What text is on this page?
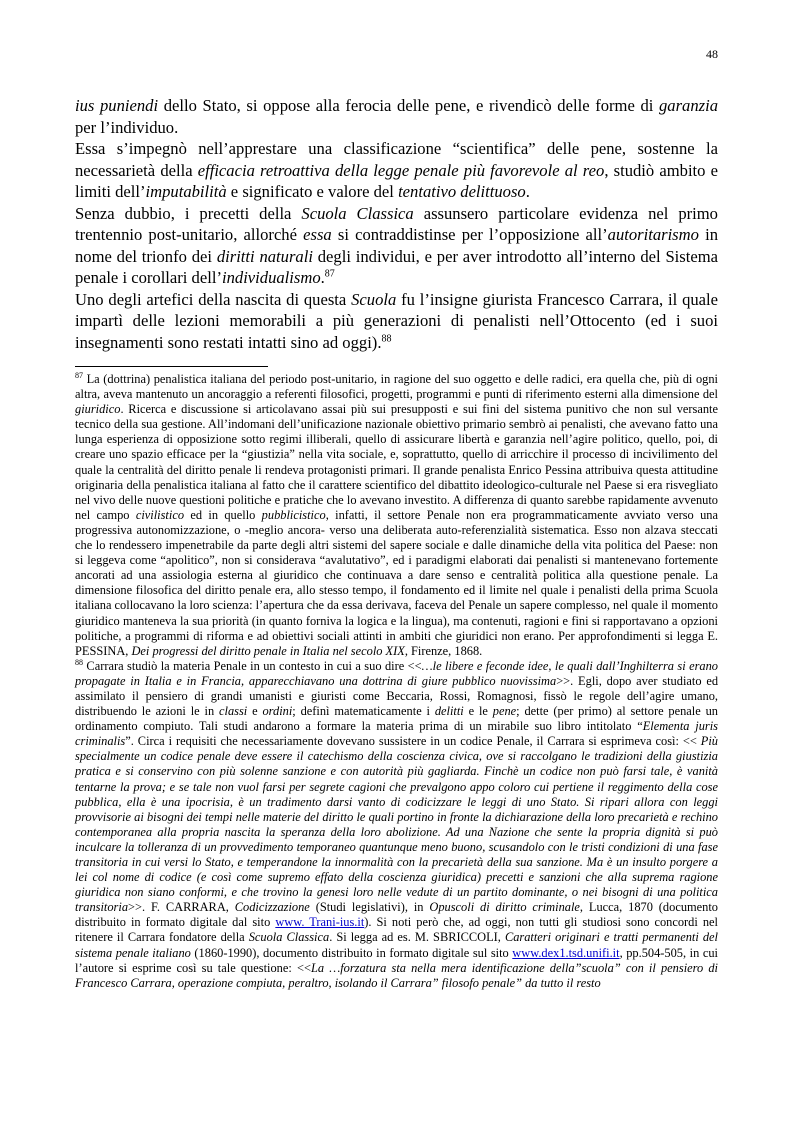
48

ius puniendi dello Stato, si oppose alla ferocia delle pene, e rivendicò delle forme di garanzia per l’individuo.

Essa s’impegnò nell’apprestare una classificazione “scientifica” delle pene, sostenne la necessarietà della efficacia retroattiva della legge penale più favorevole al reo, studiò ambito e limiti dell’imputabilità e significato e valore del tentativo delittuoso.

Senza dubbio, i precetti della Scuola Classica assunsero particolare evidenza nel primo trentennio post-unitario, allorché essa si contraddistinse per l’opposizione all’autoritarismo in nome del trionfo dei diritti naturali degli individui, e per aver introdotto all’interno del Sistema penale i corollari dell’individualismo.$^{87}$

Uno degli artefici della nascita di questa Scuola fu l’insigne giurista Francesco Carrara, il quale impartì delle lezioni memorabili a più generazioni di penalisti nell’Ottocento (ed i suoi insegnamenti sono restati intatti sino ad oggi).$^{88}$

$^{87}$ La (dottrina) penalistica italiana del periodo post-unitario, in ragione del suo oggetto e delle radici, era quella che, più di ogni altra, aveva mantenuto un ancoraggio a referenti filosofici, progetti, programmi e punti di riferimento esterni alla dimensione del giuridico. Ricerca e discussione si articolavano assai più sui presupposti e sui fini del sistema punitivo che non sul versante tecnico della sua gestione. All’indomani dell’unificazione nazionale obiettivo primario sembrò ai penalisti, che avevano fatto una lunga esperienza di opposizione sotto regimi illiberali, quello di assicurare libertà e garanzia nell’agire politico, quello, poi, di creare uno spazio efficace per la “giustizia” nella vita sociale, e, soprattutto, quello di arricchire il processo di incivilimento del quale la centralità del diritto penale li rendeva protagonisti primari. Il grande penalista Enrico Pessina attribuiva questa attitudine originaria della penalistica italiana al fatto che il carattere scientifico del dibattito ideologico-culturale nel Paese si era risvegliato nel vivo delle nuove questioni politiche e pratiche che lo avevano investito. A differenza di quanto sarebbe rapidamente avvenuto nel campo civilistico ed in quello pubblicistico, infatti, il settore Penale non era programmaticamente avviato verso una progressiva autonomizzazione, o -meglio ancora- verso una deliberata auto-referenzialità sistematica. Esso non alzava steccati che lo rendessero impenetrabile da parte degli altri sistemi del sapere sociale e dalle dinamiche della vita politica del Paese: non si leggeva come “apolitico”, non si considerava “avalutativo”, ed i paradigmi elaborati dai penalisti si mantenevano fortemente ancorati ad una assiologia esterna al giuridico che continuava a dare senso e centralità politica alla questione penale. La dimensione filosofica del diritto penale era, allo stesso tempo, il fondamento ed il limite nel quale i penalisti della prima Scuola italiana collocavano la loro scienza: l’apertura che da essa derivava, faceva del Penale un sapere complesso, nel quale il momento giuridico manteneva la sua priorità (in quanto forniva la logica e la lingua), ma contenuti, ragioni e fini si rapportavano a opzioni politiche, a programmi di riforma e ad obiettivi sociali attinti in ambiti che giuridici non erano. Per approfondimenti si legga E. PESSINA, Dei progressi del diritto penale in Italia nel secolo XIX, Firenze, 1868.

$^{88}$ Carrara studiò la materia Penale in un contesto in cui a suo dire <<…le libere e feconde idee, le quali dall’Inghilterra si erano propagate in Italia e in Francia, apparecchiavano una dottrina di giure pubblico nuovissima>>. Egli, dopo aver studiato ed assimilato il pensiero di grandi umanisti e giuristi come Beccaria, Rossi, Romagnosi, fissò le regole dell’agire umano, distribuendo le azioni le in classi e ordini; definì matematicamente i delitti e le pene; dette (per primo) al settore penale un ordinamento compiuto. Tali studi andarono a formare la materia prima di un mirabile suo libro intitolato “Elementa juris criminalis”. Circa i requisiti che necessariamente dovevano sussistere in un codice Penale, il Carrara si esprimeva così: << Più specialmente un codice penale deve essere il catechismo della coscienza civica, ove si raccolgano le tradizioni della giustizia pratica e si conservino con più solenne sanzione e con autorità più gagliarda. Finchè un codice non può farsi tale, è vanità tentarne la prova; e se tale non vuol farsi per segrete cagioni che prevalgono appo coloro cui pertiene il reggimento della cose pubblica, ella è una ipocrisia, è un tradimento darsi vanto di codicizzare le leggi di uno Stato. Si ripari allora con leggi provvisorie ai bisogni dei tempi nelle materie del diritto le quali portino in fronte la dichiarazione della loro precarietà e rechino contemporanea alla propria nascita la speranza della loro abolizione. Ad una Nazione che sente la propria dignità si può inculcare la tolleranza di un provvedimento temporaneo quantunque meno buono, scusandolo con le tristi condizioni di una fase transitoria in cui versi lo Stato, e temperandone la innormalità con la precarietà della sua sanzione. Ma è un insulto porgere a lei col nome di codice (e così come supremo effato della coscienza giuridica) precetti e sanzioni che alla suprema ragione giuridica non siano conformi, e che trovino la genesi loro nelle vedute di un partito dominante, o nei bisogni di una politica transitoria>>. F. CARRARA, Codicizzazione (Studi legislativi), in Opuscoli di diritto criminale, Lucca, 1870 (documento distribuito in formato digitale dal sito www. Trani-ius.it). Si noti però che, ad oggi, non tutti gli studiosi sono concordi nel ritenere il Carrara fondatore della Scuola Classica. Si legga ad es. M. SBRICCOLI, Caratteri originari e tratti permanenti del sistema penale italiano (1860-1990), documento distribuito in formato digitale sul sito www.dex1.tsd.unifi.it, pp.504-505, in cui l’autore si esprime così su tale questione: <<La …forzatura sta nella mera identificazione della”scuola” con il pensiero di Francesco Carrara, operazione compiuta, peraltro, isolando il Carrara” filosofo penale” da tutto il resto
